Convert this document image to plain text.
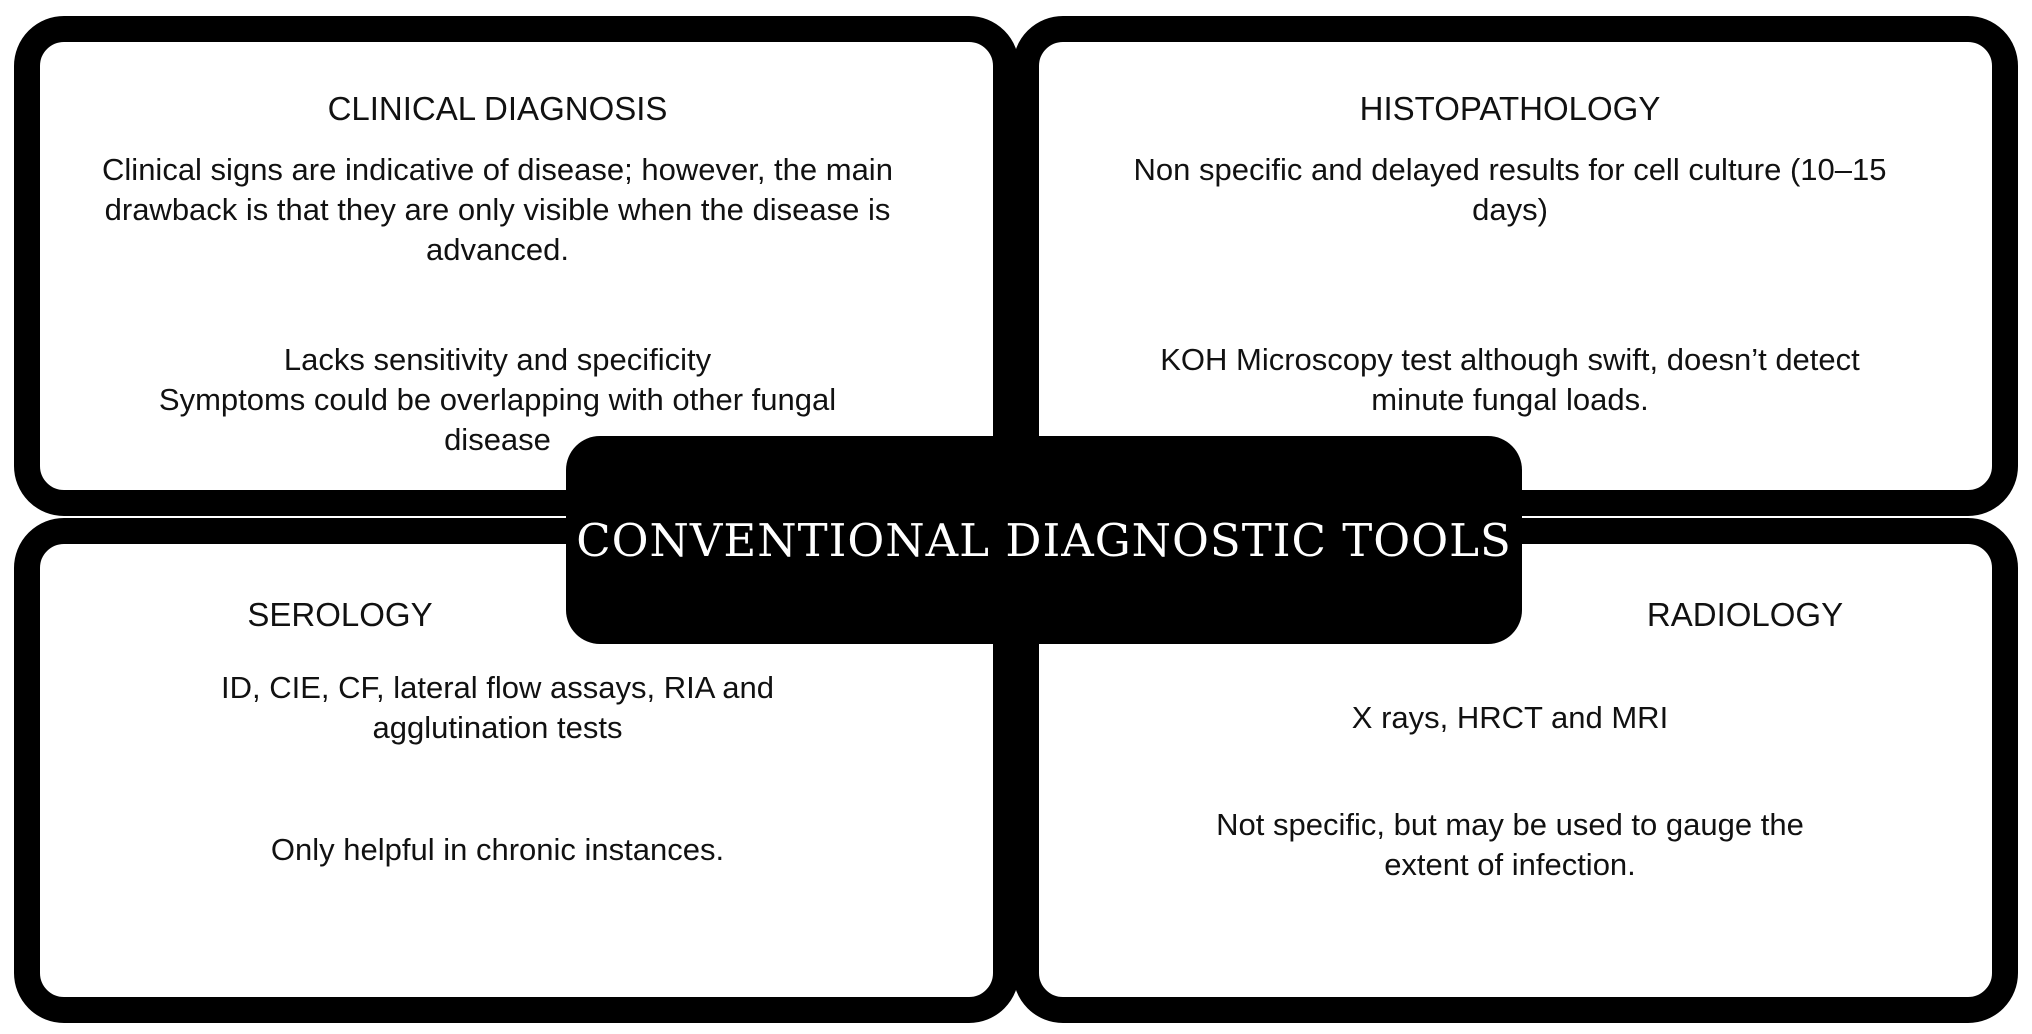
CLINICAL DIAGNOSIS
Clinical signs are indicative of disease; however, the main drawback is that they are only visible when the disease is advanced.
Lacks sensitivity and specificity
Symptoms could be overlapping with other fungal disease
HISTOPATHOLOGY
Non specific and delayed results for cell culture (10–15 days)
KOH Microscopy test although swift, doesn’t detect minute fungal loads.
SEROLOGY
ID, CIE, CF, lateral flow assays, RIA and agglutination tests
Only helpful in chronic instances.
RADIOLOGY
X rays, HRCT and MRI
Not specific, but may be used to gauge the extent of infection.
CONVENTIONAL DIAGNOSTIC TOOLS
